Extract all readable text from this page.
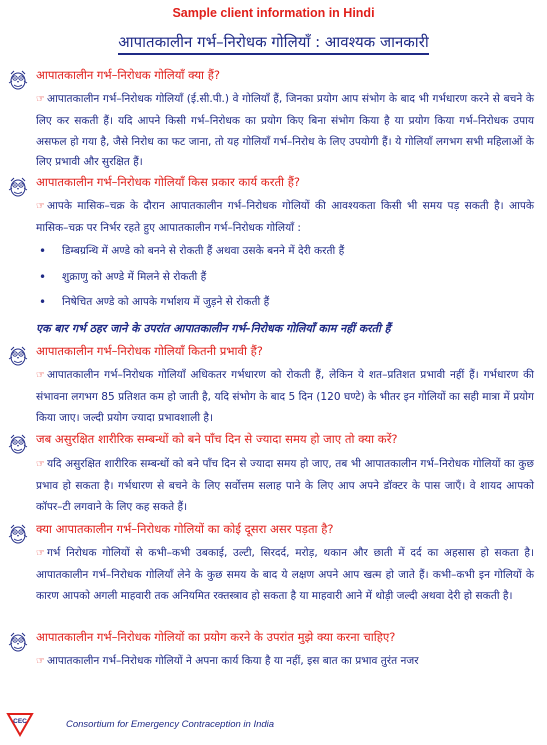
Sample client information in Hindi
आपातकालीन गर्भ–निरोधक गोलियाँ : आवश्यक जानकारी
आपातकालीन गर्भ–निरोधक गोलियाँ क्या हैं?
☞ आपातकालीन गर्भ–निरोधक गोलियाँ (ई.सी.पी.) वे गोलियाँ हैं, जिनका प्रयोग आप संभोग के बाद भी गर्भधारण करने से बचने के लिए कर सकती हैं। यदि आपने किसी गर्भ–निरोधक का प्रयोग किए बिना संभोग किया है या प्रयोग किया गर्भ–निरोधक उपाय असफल हो गया है, जैसे निरोध का फट जाना, तो यह गोलियाँ गर्भ–निरोध के लिए उपयोगी हैं। ये गोलियाँ लगभग सभी महिलाओं के लिए प्रभावी और सुरक्षित हैं।
आपातकालीन गर्भ–निरोधक गोलियाँ किस प्रकार कार्य करती हैं?
☞ आपके मासिक–चक्र के दौरान आपातकालीन गर्भ–निरोधक गोलियों की आवश्यकता किसी भी समय पड़ सकती है। आपके मासिक–चक्र पर निर्भर रहते हुए आपातकालीन गर्भ–निरोधक गोलियाँ :
• डिम्बग्रन्थि में अण्डे को बनने से रोकती हैं अथवा उसके बनने में देरी करती हैं
• शुक्राणु को अण्डे में मिलने से रोकती हैं
• निषेचित अण्डे को आपके गर्भाशय में जुड़ने से रोकती हैं
एक बार गर्भ ठहर जाने के उपरांत आपातकालीन गर्भ–निरोधक गोलियाँ काम नहीं करती हैं
आपातकालीन गर्भ–निरोधक गोलियाँ कितनी प्रभावी हैं?
☞ आपातकालीन गर्भ–निरोधक गोलियाँ अधिकतर गर्भधारण को रोकती हैं, लेकिन ये शत–प्रतिशत प्रभावी नहीं हैं। गर्भधारण की संभावना लगभग 85 प्रतिशत कम हो जाती है, यदि संभोग के बाद 5 दिन (120 घण्टे) के भीतर इन गोलियों का सही मात्रा में प्रयोग किया जाए। जल्दी प्रयोग ज्यादा प्रभावशाली है।
जब असुरक्षित शारीरिक सम्बन्धों को बने पाँच दिन से ज्यादा समय हो जाए तो क्या करें?
☞ यदि असुरक्षित शारीरिक सम्बन्धों को बने पाँच दिन से ज्यादा समय हो जाए, तब भी आपातकालीन गर्भ–निरोधक गोलियों का कुछ प्रभाव हो सकता है। गर्भधारण से बचने के लिए सर्वोत्तम सलाह पाने के लिए आप अपने डॉक्टर के पास जाएँ। वे शायद आपको कॉपर–टी लगवाने के लिए कह सकते हैं।
क्या आपातकालीन गर्भ–निरोधक गोलियों का कोई दूसरा असर पड़ता है?
☞ गर्भ निरोधक गोलियों से कभी–कभी उबकाई, उल्टी, सिरदर्द, मरोड़, थकान और छाती में दर्द का अहसास हो सकता है। आपातकालीन गर्भ–निरोधक गोलियाँ लेने के कुछ समय के बाद ये लक्षण अपने आप खत्म हो जाते हैं। कभी–कभी इन गोलियों के कारण आपको अगली माहवारी तक अनियमित रक्तस्त्राव हो सकता है या माहवारी आने में थोड़ी जल्दी अथवा देरी हो सकती है।
आपातकालीन गर्भ–निरोधक गोलियों का प्रयोग करने के उपरांत मुझे क्या करना चाहिए?
☞ आपातकालीन गर्भ–निरोधक गोलियों ने अपना कार्य किया है या नहीं, इस बात का प्रभाव तुरंत नजर
CEC	Consortium for Emergency Contraception in India
